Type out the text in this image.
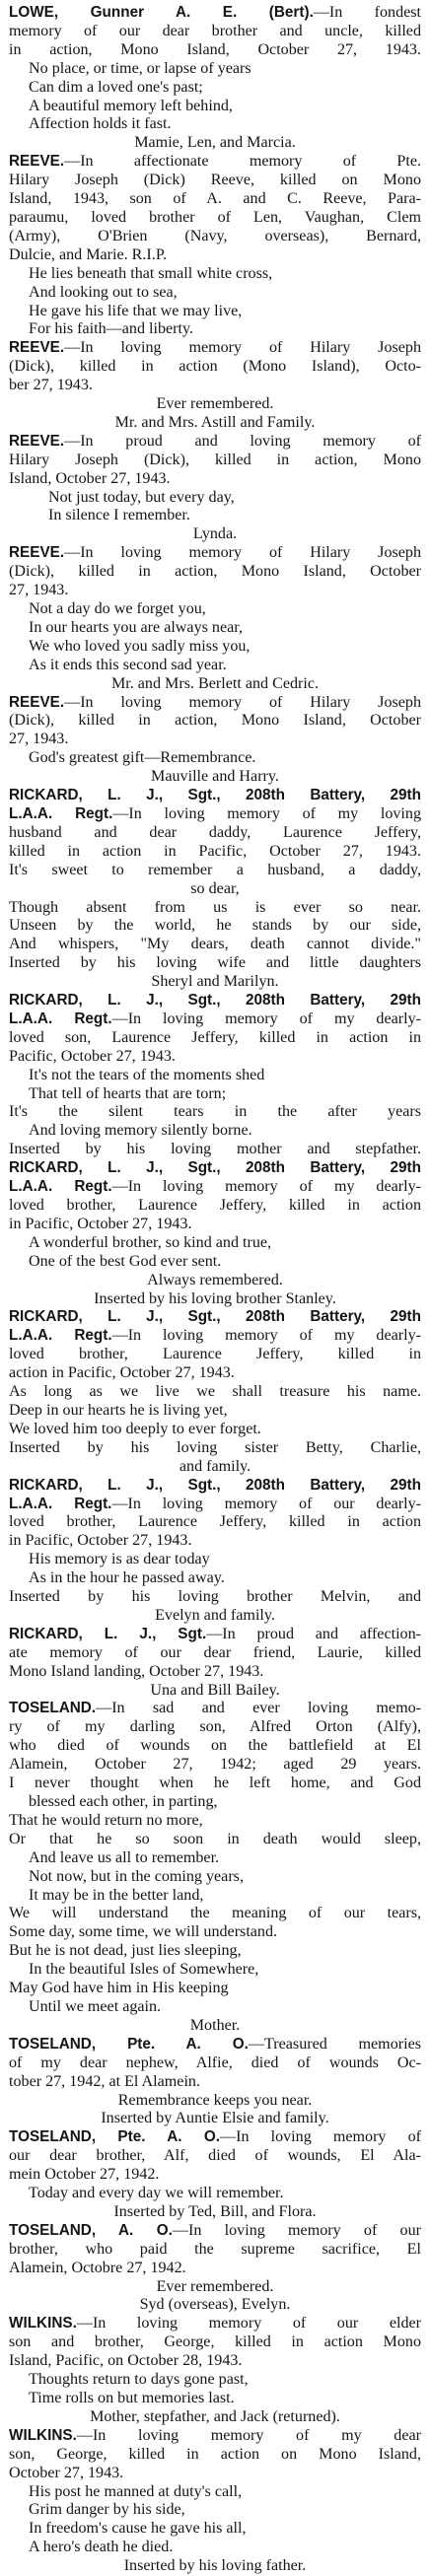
LOWE, Gunner A. E. (Bert).—In fondest
memory of our dear brother and uncle, killed
in action, Mono Island, October 27, 1943.
No place, or time, or lapse of years
Can dim a loved one's past;
A beautiful memory left behind,
Affection holds it fast.
Mamie, Len, and Marcia.
REEVE.—In affectionate memory of Pte.
Hilary Joseph (Dick) Reeve, killed on Mono
Island, 1943, son of A. and C. Reeve, Para-
paraumu, loved brother of Len, Vaughan, Clem
(Army), O'Brien (Navy, overseas), Bernard,
Dulcie, and Marie. R.I.P.
He lies beneath that small white cross,
And looking out to sea,
He gave his life that we may live,
For his faith—and liberty.
REEVE.—In loving memory of Hilary Joseph
(Dick), killed in action (Mono Island), Octo-
ber 27, 1943.
Ever remembered.
Mr. and Mrs. Astill and Family.
REEVE.—In proud and loving memory of
Hilary Joseph (Dick), killed in action, Mono
Island, October 27, 1943.
Not just today, but every day,
In silence I remember.
Lynda.
REEVE.—In loving memory of Hilary Joseph
(Dick), killed in action, Mono Island, October
27, 1943.
Not a day do we forget you,
In our hearts you are always near,
We who loved you sadly miss you,
As it ends this second sad year.
Mr. and Mrs. Berlett and Cedric.
REEVE.—In loving memory of Hilary Joseph
(Dick), killed in action, Mono Island, October
27, 1943.
God's greatest gift—Remembrance.
Mauville and Harry.
RICKARD, L. J., Sgt., 208th Battery, 29th
L.A.A. Regt.—In loving memory of my loving
husband and dear daddy, Laurence Jeffery,
killed in action in Pacific, October 27, 1943.
It's sweet to remember a husband, a daddy,
so dear,
Though absent from us is ever so near.
Unseen by the world, he stands by our side,
And whispers, "My dears, death cannot divide."
Inserted by his loving wife and little daughters
Sheryl and Marilyn.
RICKARD, L. J., Sgt., 208th Battery, 29th
L.A.A. Regt.—In loving memory of my dearly-
loved son, Laurence Jeffery, killed in action in
Pacific, October 27, 1943.
It's not the tears of the moments shed
That tell of hearts that are torn;
It's the silent tears in the after years
And loving memory silently borne.
Inserted by his loving mother and stepfather.
RICKARD, L. J., Sgt., 208th Battery, 29th
L.A.A. Regt.—In loving memory of my dearly-
loved brother, Laurence Jeffery, killed in action
in Pacific, October 27, 1943.
A wonderful brother, so kind and true,
One of the best God ever sent.
Always remembered.
Inserted by his loving brother Stanley.
RICKARD, L. J., Sgt., 208th Battery, 29th
L.A.A. Regt.—In loving memory of my dearly-
loved brother, Laurence Jeffery, killed in
action in Pacific, October 27, 1943.
As long as we live we shall treasure his name.
Deep in our hearts he is living yet,
We loved him too deeply to ever forget.
Inserted by his loving sister Betty, Charlie,
and family.
RICKARD, L. J., Sgt., 208th Battery, 29th
L.A.A. Regt.—In loving memory of our dearly-
loved brother, Laurence Jeffery, killed in action
in Pacific, October 27, 1943.
His memory is as dear today
As in the hour he passed away.
Inserted by his loving brother Melvin, and
Evelyn and family.
RICKARD, L. J., Sgt.—In proud and affection-
ate memory of our dear friend, Laurie, killed
Mono Island landing, October 27, 1943.
Una and Bill Bailey.
TOSELAND.—In sad and ever loving memo-
ry of my darling son, Alfred Orton (Alfy),
who died of wounds on the battlefield at El
Alamein, October 27, 1942; aged 29 years.
I never thought when he left home, and God
blessed each other, in parting,
That he would return no more,
Or that he so soon in death would sleep,
And leave us all to remember.
Not now, but in the coming years,
It may be in the better land,
We will understand the meaning of our tears,
Some day, some time, we will understand.
But he is not dead, just lies sleeping,
In the beautiful Isles of Somewhere,
May God have him in His keeping
Until we meet again.
Mother.
TOSELAND, Pte. A. O.—Treasured memories
of my dear nephew, Alfie, died of wounds Oc-
tober 27, 1942, at El Alamein.
Remembrance keeps you near.
Inserted by Auntie Elsie and family.
TOSELAND, Pte. A. O.—In loving memory of
our dear brother, Alf, died of wounds, El Ala-
mein October 27, 1942.
Today and every day we will remember.
Inserted by Ted, Bill, and Flora.
TOSELAND, A. O.—In loving memory of our
brother, who paid the supreme sacrifice, El
Alamein, Octobre 27, 1942.
Ever remembered.
Syd (overseas), Evelyn.
WILKINS.—In loving memory of our elder
son and brother, George, killed in action Mono
Island, Pacific, on October 28, 1943.
Thoughts return to days gone past,
Time rolls on but memories last.
Mother, stepfather, and Jack (returned).
WILKINS.—In loving memory of my dear
son, George, killed in action on Mono Island,
October 27, 1943.
His post he manned at duty's call,
Grim danger by his side,
In freedom's cause he gave his all,
A hero's death he died.
Inserted by his loving father.
